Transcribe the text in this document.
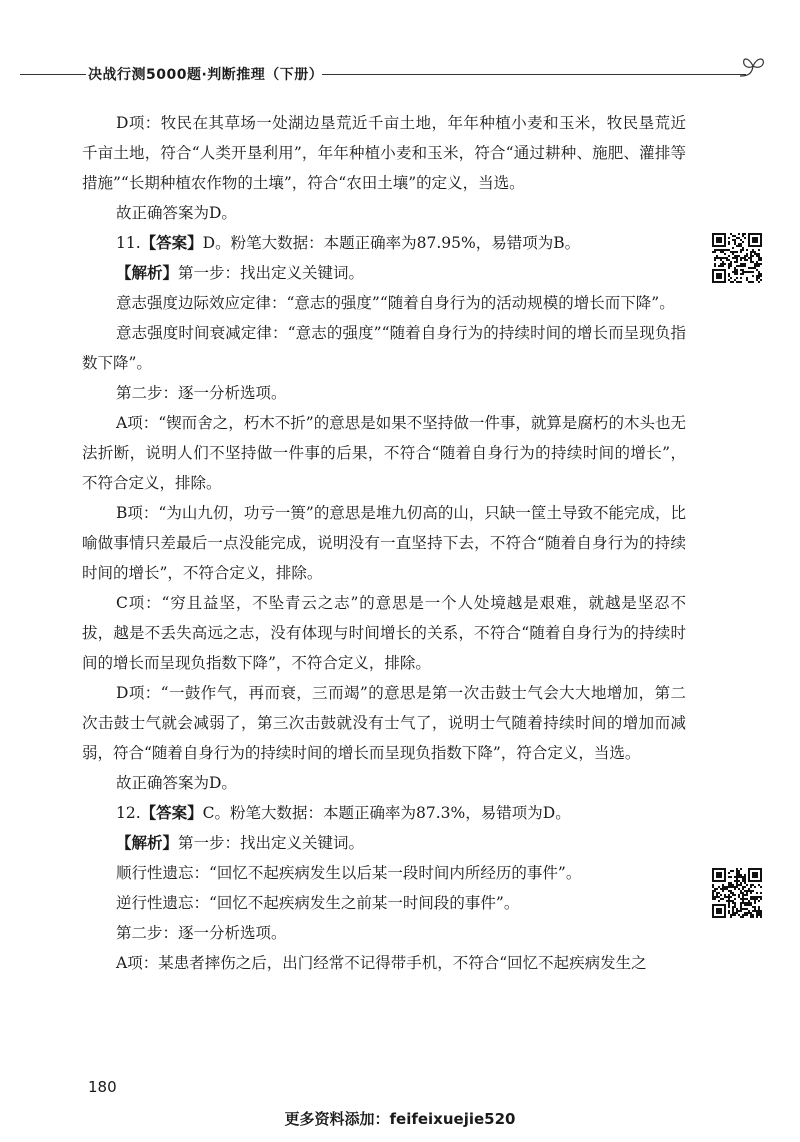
决战行测5000题·判断推理（下册）

D项：牧民在其草场一处湖边垦荒近千亩土地，年年种植小麦和玉米，牧民垦荒近千亩土地，符合“人类开垦利用”，年年种植小麦和玉米，符合“通过耕种、施肥、灌排等措施”“长期种植农作物的土壤”，符合“农田土壤”的定义，当选。

故正确答案为D。

11.【答案】D。粉笔大数据：本题正确率为87.95%，易错项为B。

【解析】第一步：找出定义关键词。

意志强度边际效应定律：“意志的强度”“随着自身行为的活动规模的增长而下降”。

意志强度时间衰减定律：“意志的强度”“随着自身行为的持续时间的增长而呈现负指数下降”。

第二步：逐一分析选项。

A项：“锲而舍之，朽木不折”的意思是如果不坚持做一件事，就算是腐朽的木头也无法折断，说明人们不坚持做一件事的后果，不符合“随着自身行为的持续时间的增长”，不符合定义，排除。

B项：“为山九仞，功亏一篑”的意思是堆九仞高的山，只缺一筐土导致不能完成，比喻做事情只差最后一点没能完成，说明没有一直坚持下去，不符合“随着自身行为的持续时间的增长”，不符合定义，排除。

C项：“穷且益坚，不坠青云之志”的意思是一个人处境越是艰难，就越是坚忍不拔，越是不丢失高远之志，没有体现与时间增长的关系，不符合“随着自身行为的持续时间的增长而呈现负指数下降”，不符合定义，排除。

D项：“一鼓作气，再而衰，三而竭”的意思是第一次击鼓士气会大大地增加，第二次击鼓士气就会减弱了，第三次击鼓就没有士气了，说明士气随着持续时间的增加而减弱，符合“随着自身行为的持续时间的增长而呈现负指数下降”，符合定义，当选。

故正确答案为D。

12.【答案】C。粉笔大数据：本题正确率为87.3%，易错项为D。

【解析】第一步：找出定义关键词。

顺行性遗忘：“回忆不起疾病发生以后某一段时间内所经历的事件”。

逆行性遗忘：“回忆不起疾病发生之前某一时间段的事件”。

第二步：逐一分析选项。

A项：某患者摔伤之后，出门经常不记得带手机，不符合“回忆不起疾病发生之

180
更多资料添加：feifeixuejie520
